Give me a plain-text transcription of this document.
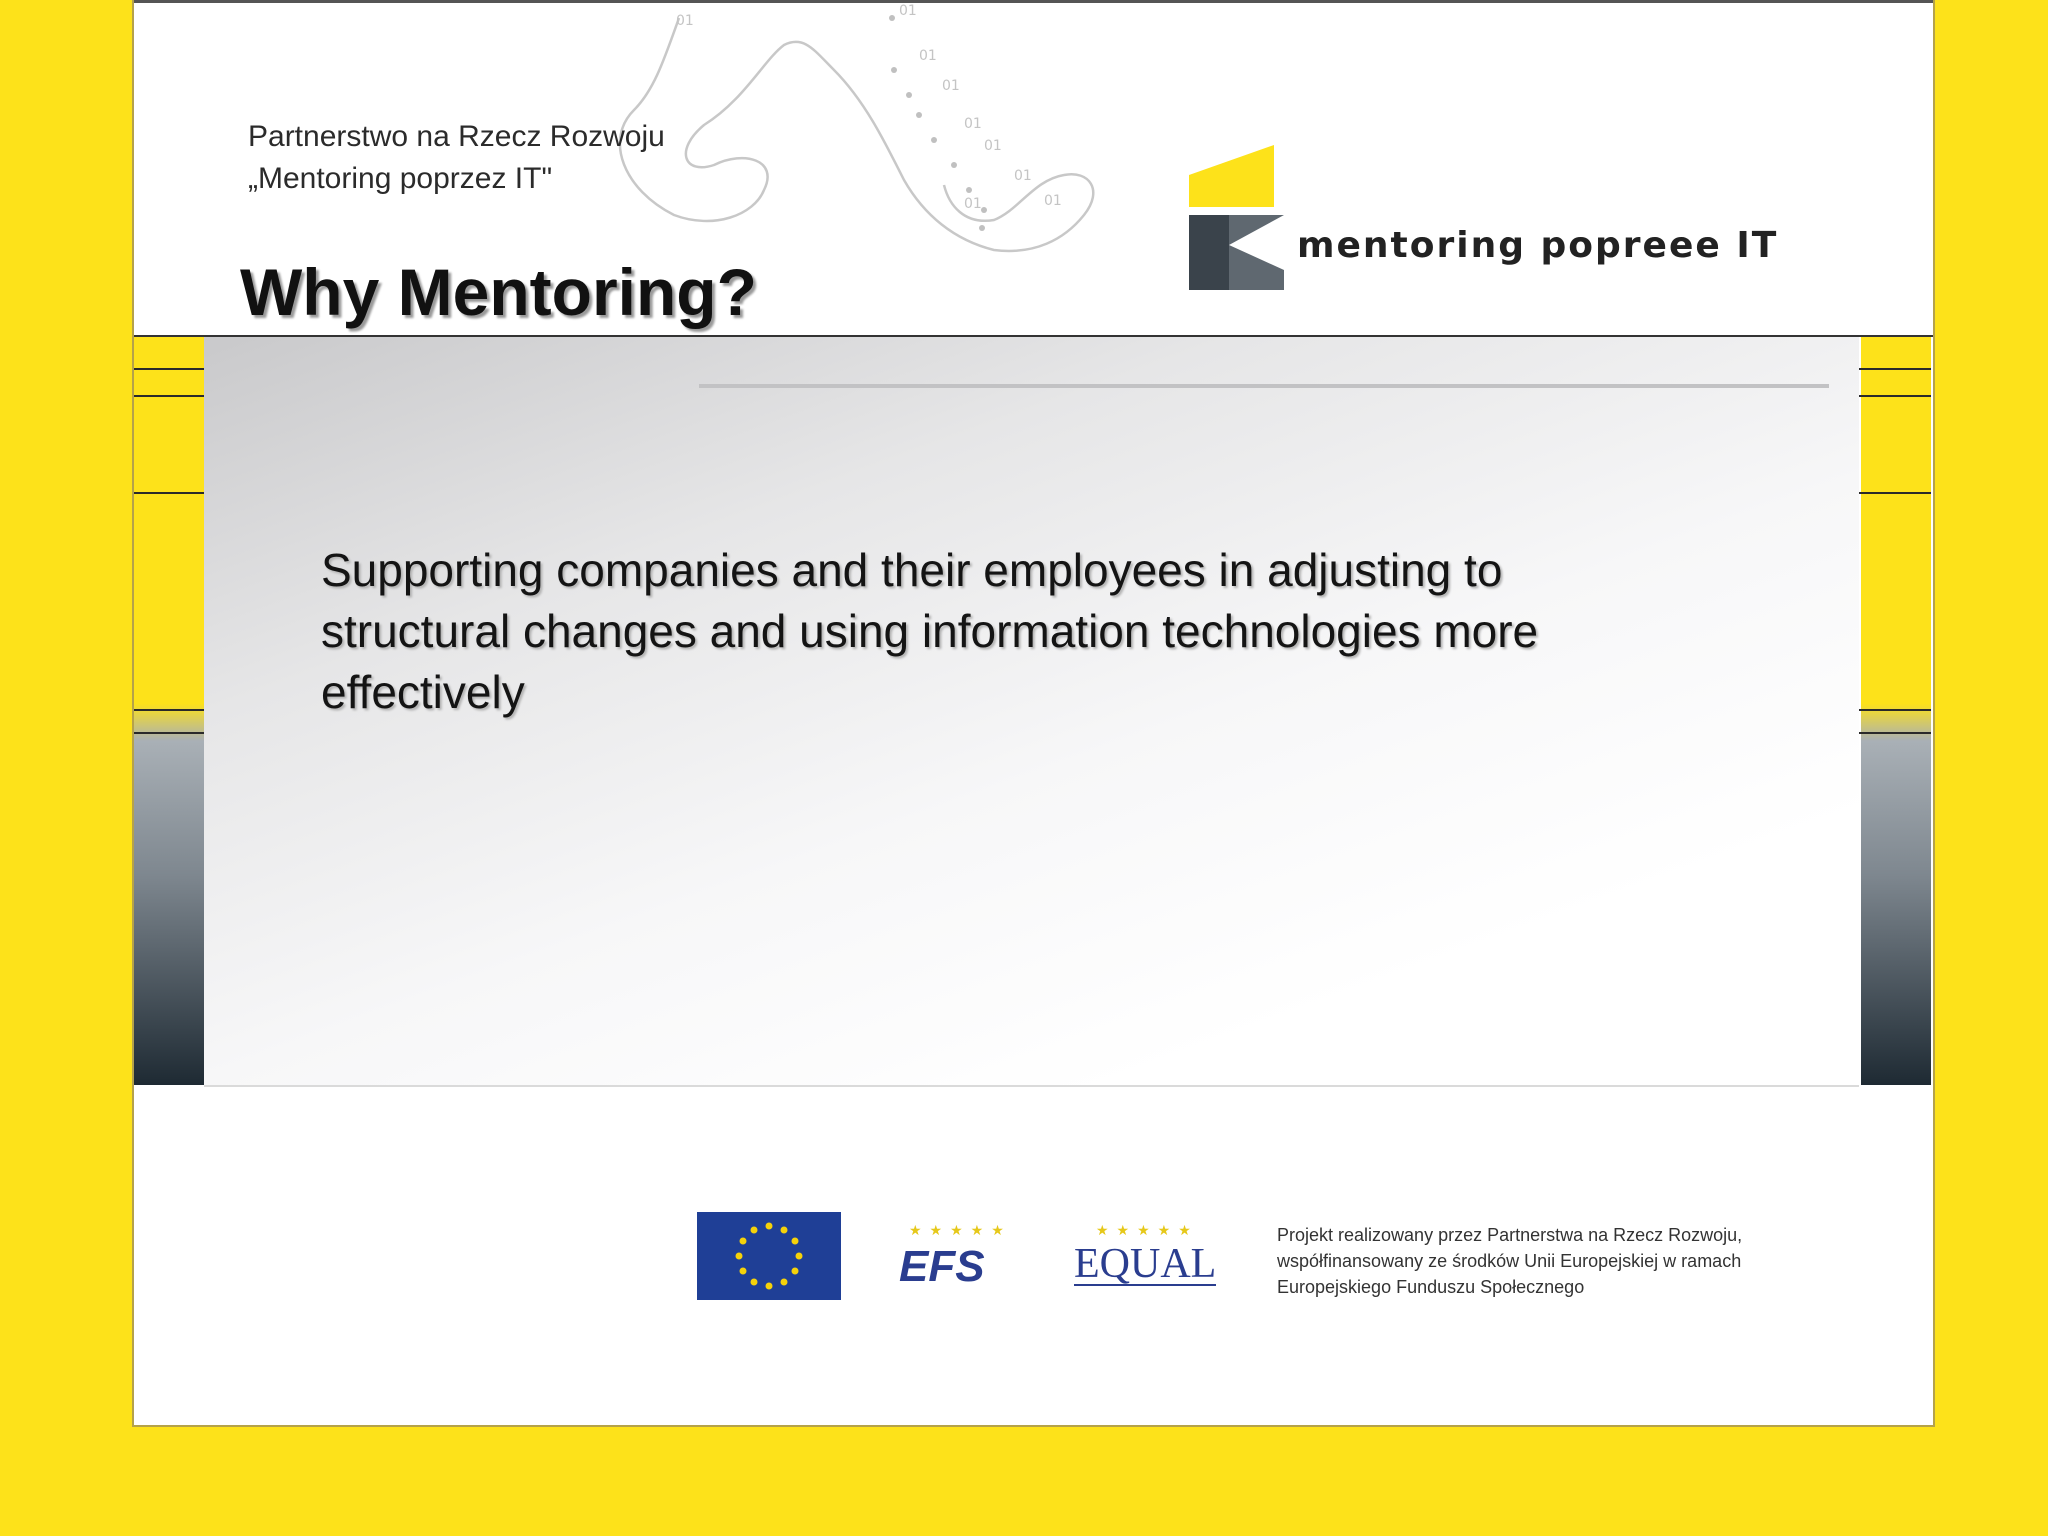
01
01
01
01
01
01
01
01
01
Partnerstwo na Rzecz Rozwoju
„Mentoring poprzez IT"
Why Mentoring?
mentoring popreee IT

Supporting companies and their employees in adjusting to structural changes and using information technologies more effectively

★★★★★
EFS
★★★★★
EQUAL
Projekt realizowany przez Partnerstwa na Rzecz Rozwoju,
współfinansowany ze środków Unii Europejskiej w ramach
Europejskiego Funduszu Społecznego
